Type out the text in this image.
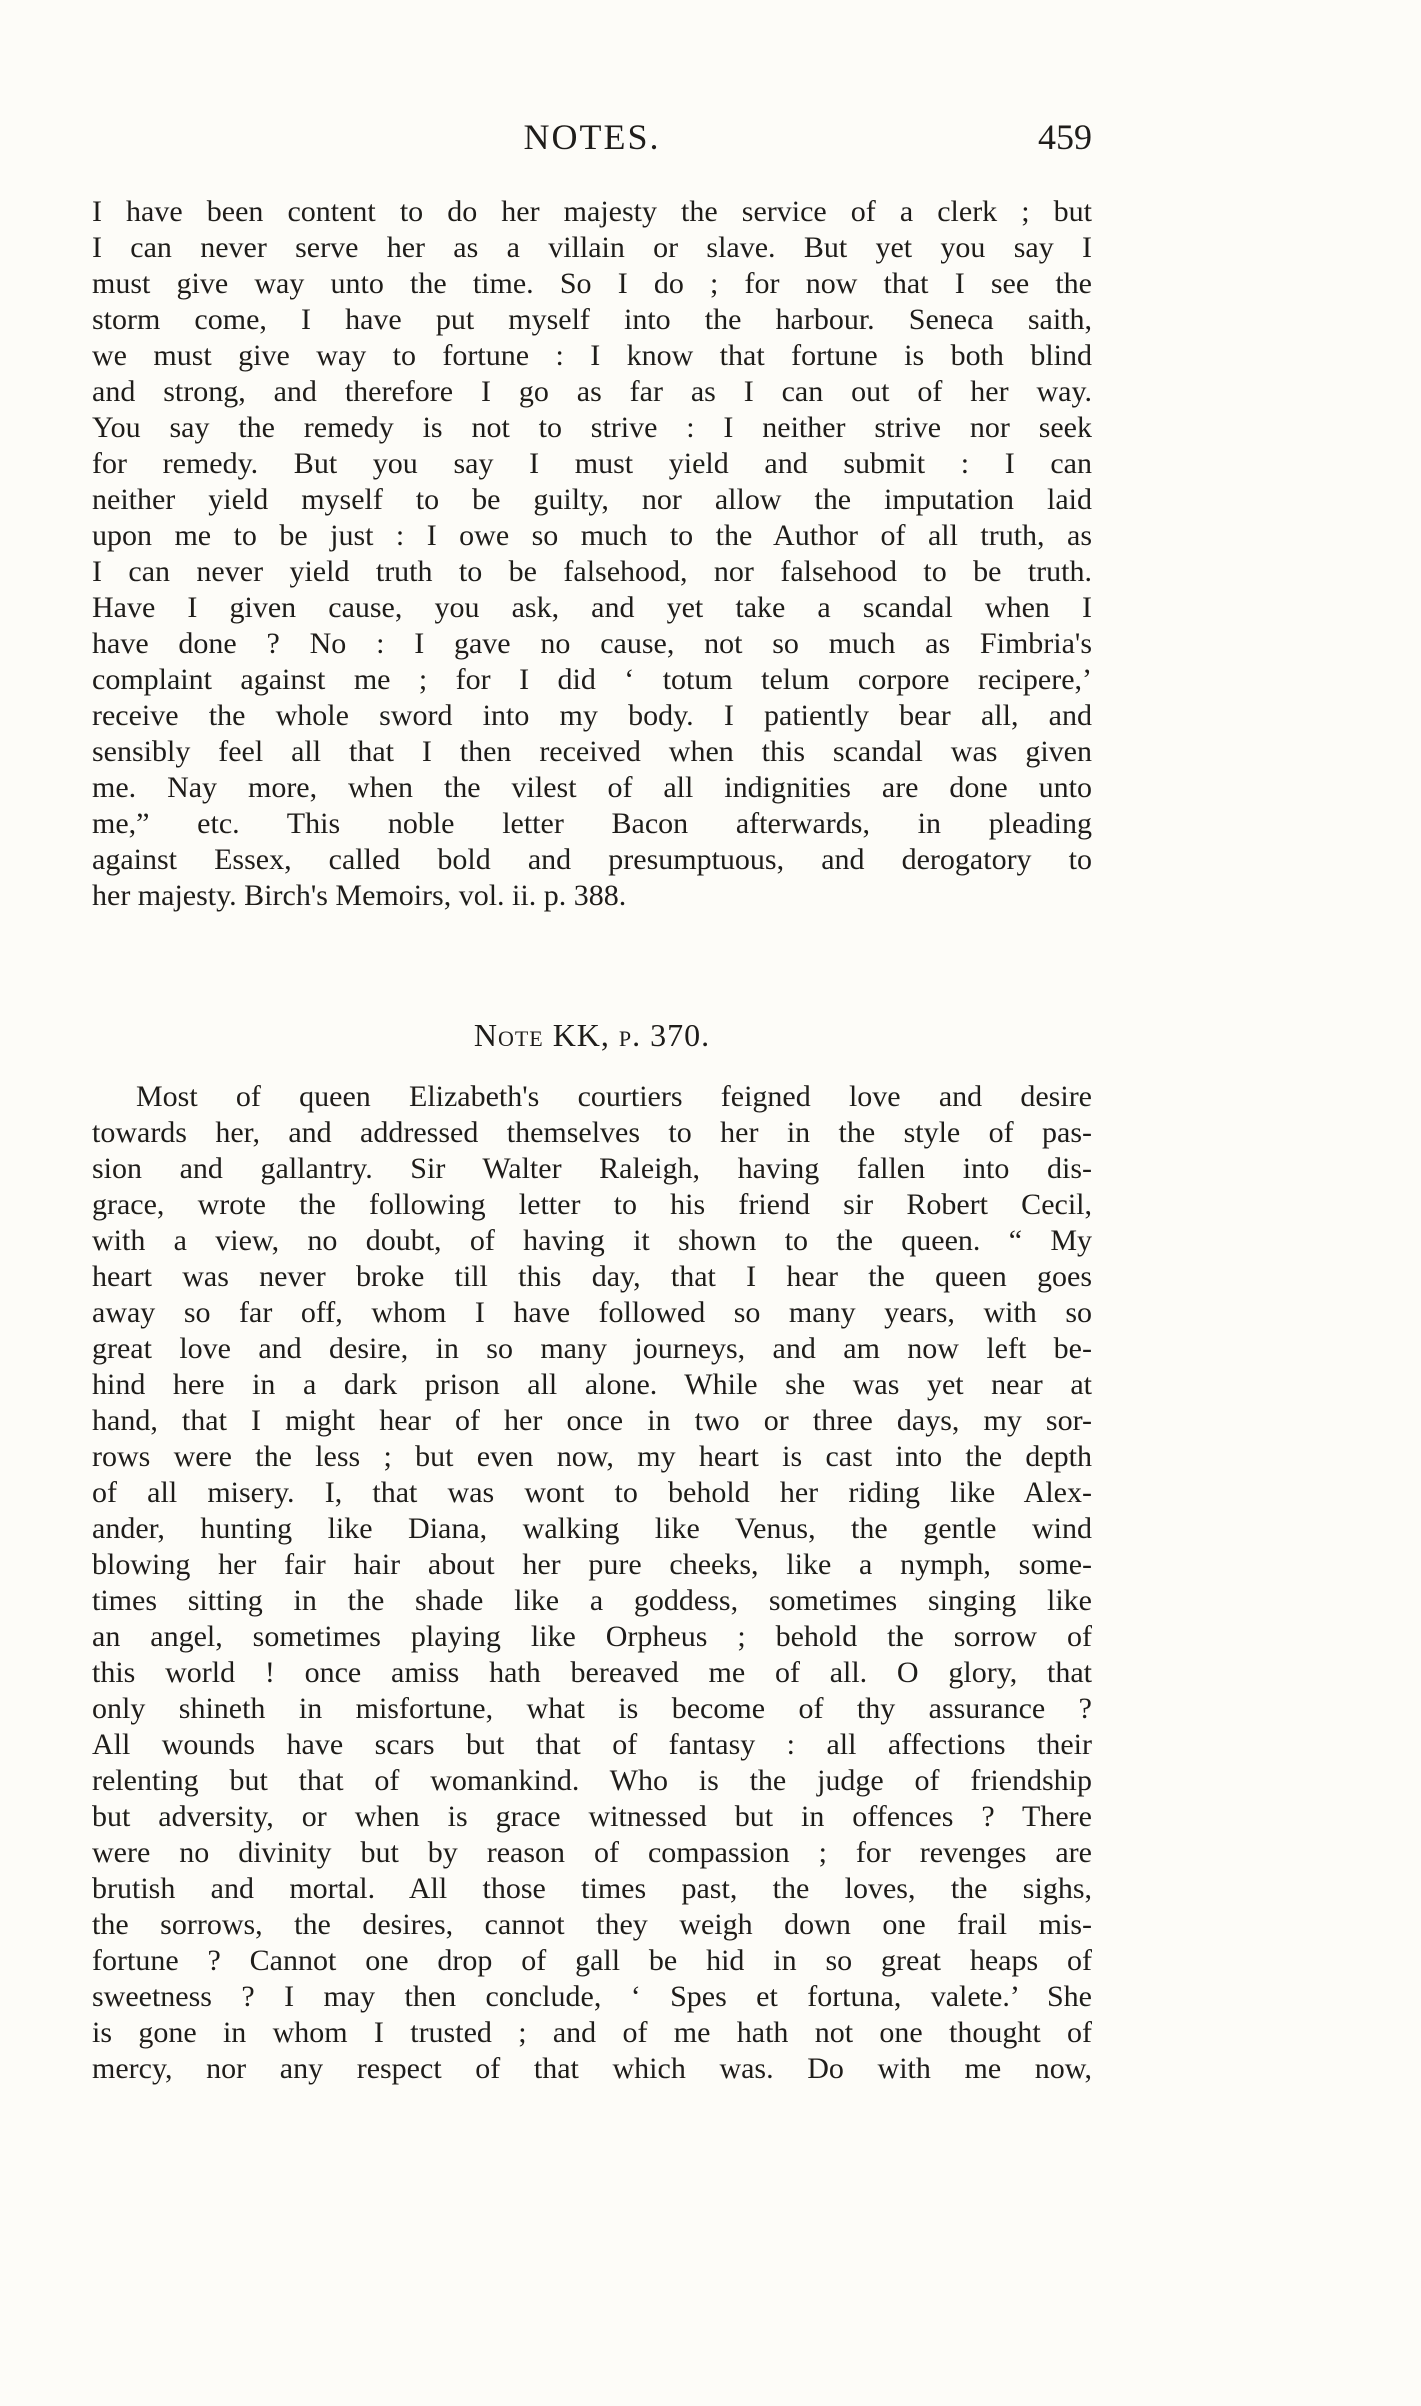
NOTES.	459
I have been content to do her majesty the service of a clerk ; but
I can never serve her as a villain or slave. But yet you say I
must give way unto the time. So I do ; for now that I see the
storm come, I have put myself into the harbour. Seneca saith,
we must give way to fortune : I know that fortune is both blind
and strong, and therefore I go as far as I can out of her way.
You say the remedy is not to strive : I neither strive nor seek
for remedy. But you say I must yield and submit : I can
neither yield myself to be guilty, nor allow the imputation laid
upon me to be just : I owe so much to the Author of all truth, as
I can never yield truth to be falsehood, nor falsehood to be truth.
Have I given cause, you ask, and yet take a scandal when I
have done ? No : I gave no cause, not so much as Fimbria's
complaint against me ; for I did ‘ totum telum corpore recipere,’
receive the whole sword into my body. I patiently bear all, and
sensibly feel all that I then received when this scandal was given
me. Nay more, when the vilest of all indignities are done unto
me,” etc. This noble letter Bacon afterwards, in pleading
against Essex, called bold and presumptuous, and derogatory to
her majesty. Birch's Memoirs, vol. ii. p. 388.
Note KK, p. 370.
Most of queen Elizabeth's courtiers feigned love and desire
towards her, and addressed themselves to her in the style of pas-
sion and gallantry. Sir Walter Raleigh, having fallen into dis-
grace, wrote the following letter to his friend sir Robert Cecil,
with a view, no doubt, of having it shown to the queen. “ My
heart was never broke till this day, that I hear the queen goes
away so far off, whom I have followed so many years, with so
great love and desire, in so many journeys, and am now left be-
hind here in a dark prison all alone. While she was yet near at
hand, that I might hear of her once in two or three days, my sor-
rows were the less ; but even now, my heart is cast into the depth
of all misery. I, that was wont to behold her riding like Alex-
ander, hunting like Diana, walking like Venus, the gentle wind
blowing her fair hair about her pure cheeks, like a nymph, some-
times sitting in the shade like a goddess, sometimes singing like
an angel, sometimes playing like Orpheus ; behold the sorrow of
this world ! once amiss hath bereaved me of all. O glory, that
only shineth in misfortune, what is become of thy assurance ?
All wounds have scars but that of fantasy : all affections their
relenting but that of womankind. Who is the judge of friendship
but adversity, or when is grace witnessed but in offences ? There
were no divinity but by reason of compassion ; for revenges are
brutish and mortal. All those times past, the loves, the sighs,
the sorrows, the desires, cannot they weigh down one frail mis-
fortune ? Cannot one drop of gall be hid in so great heaps of
sweetness ? I may then conclude, ‘ Spes et fortuna, valete.’ She
is gone in whom I trusted ; and of me hath not one thought of
mercy, nor any respect of that which was. Do with me now,
